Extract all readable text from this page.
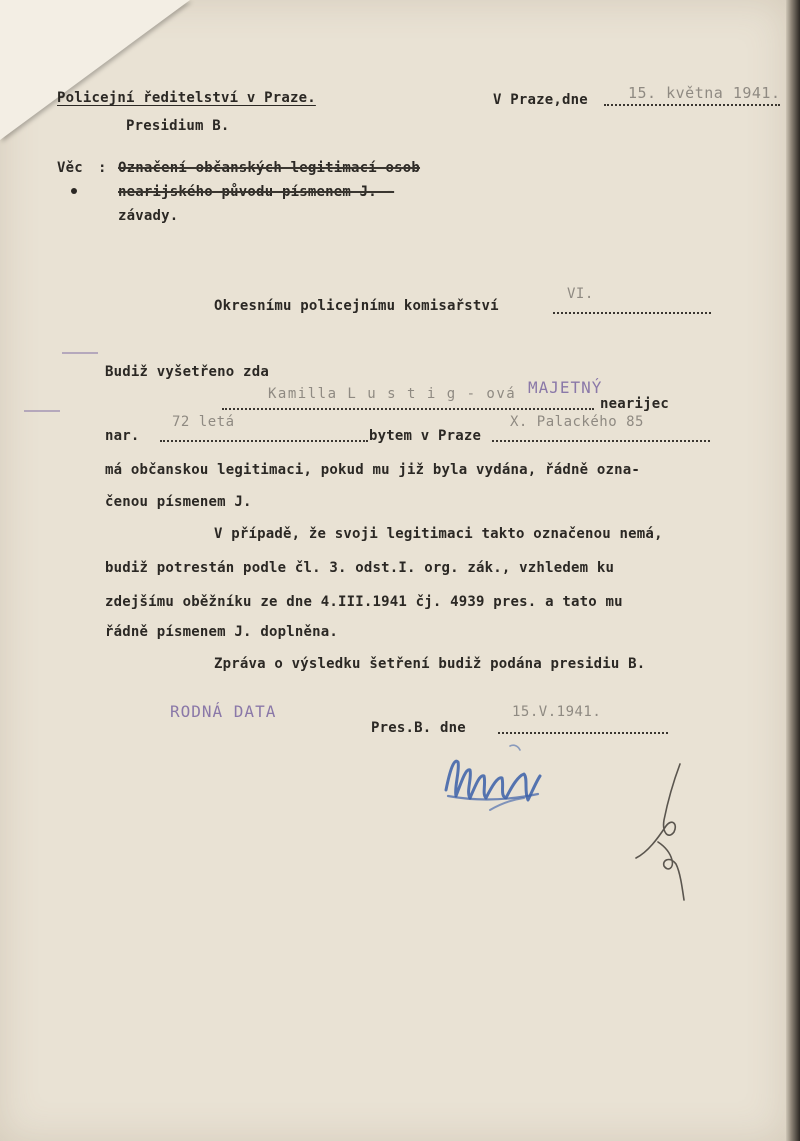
Policejní ředitelství v Praze.
Presidium B.
V Praze,dne	15. května 1941.
Věc : Označení občanských legitimací osob
nearijského původu písmenem J. -
závady.
Okresnímu policejnímu komisařství
VI.
Budiž vyšetřeno zda
Kamilla L u s t i g - ová MAJETNÝ
nearijec
nar.
72 letá
bytem v Praze
X. Palackého 85
má občanskou legitimaci, pokud mu již byla vydána, řádně ozna-
čenou písmenem J.
V případě, že svoji legitimaci takto označenou nemá,
budiž potrestán podle čl. 3. odst.I. org. zák., vzhledem ku
zdejšímu oběžníku ze dne 4.III.1941 čj. 4939 pres. a tato mu
řádně písmenem J. doplněna.
Zpráva o výsledku šetření budiž podána presidiu B.
RODNÁ DATA	15.V.1941.
Pres.B. dne
